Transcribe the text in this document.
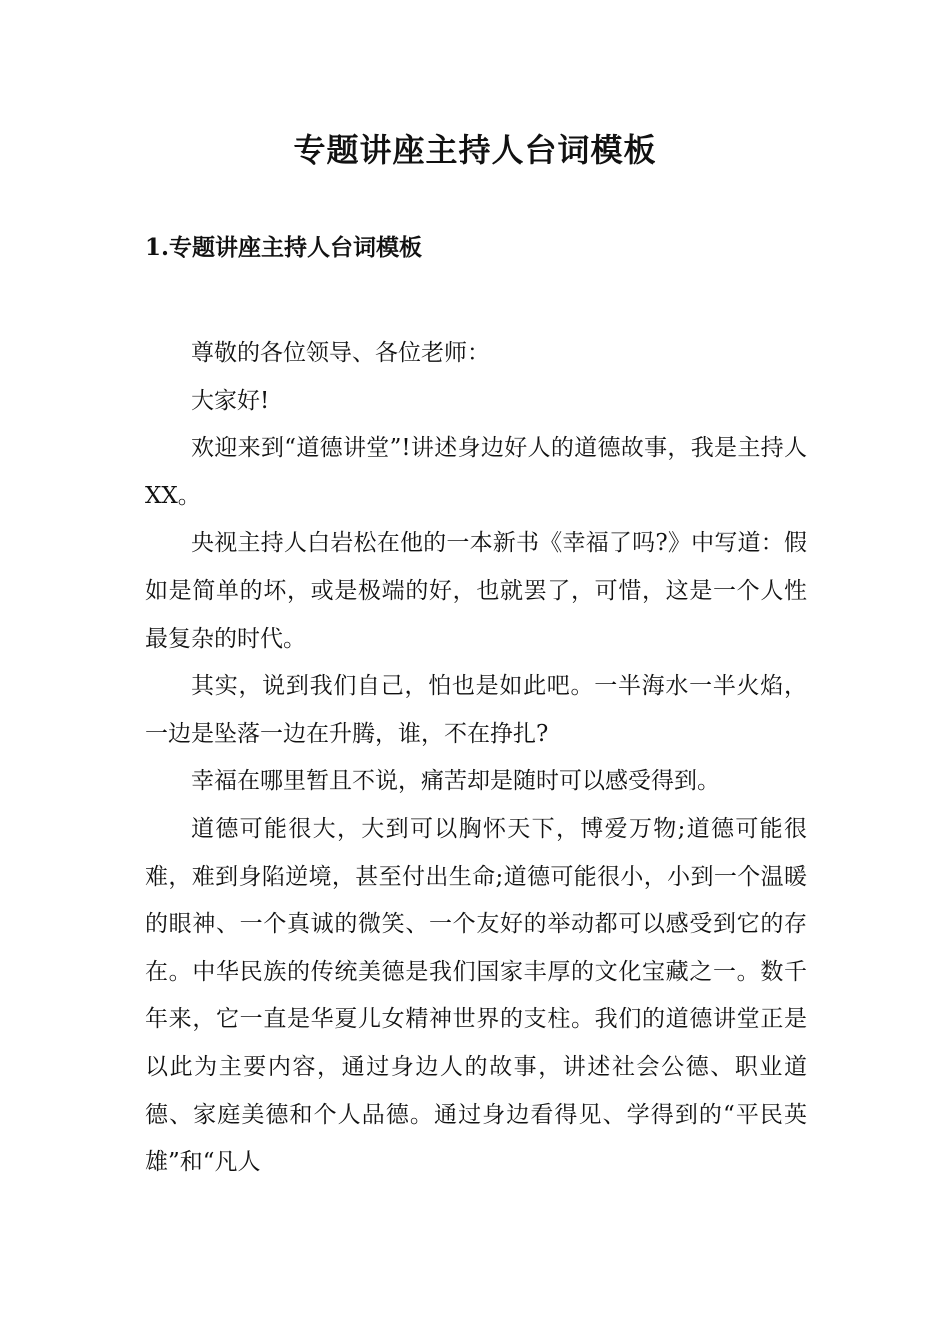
专题讲座主持人台词模板
1.专题讲座主持人台词模板

尊敬的各位领导、各位老师：

大家好!

欢迎来到“道德讲堂”!讲述身边好人的道德故事，我是主持人XX。

央视主持人白岩松在他的一本新书《幸福了吗?》中写道：假如是简单的坏，或是极端的好，也就罢了，可惜，这是一个人性最复杂的时代。

其实，说到我们自己，怕也是如此吧。一半海水一半火焰，一边是坠落一边在升腾，谁，不在挣扎?

幸福在哪里暂且不说，痛苦却是随时可以感受得到。

道德可能很大，大到可以胸怀天下，博爱万物;道德可能很难，难到身陷逆境，甚至付出生命;道德可能很小，小到一个温暖的眼神、一个真诚的微笑、一个友好的举动都可以感受到它的存在。中华民族的传统美德是我们国家丰厚的文化宝藏之一。数千年来，它一直是华夏儿女精神世界的支柱。我们的道德讲堂正是以此为主要内容，通过身边人的故事，讲述社会公德、职业道德、家庭美德和个人品德。通过身边看得见、学得到的“平民英雄”和“凡人
